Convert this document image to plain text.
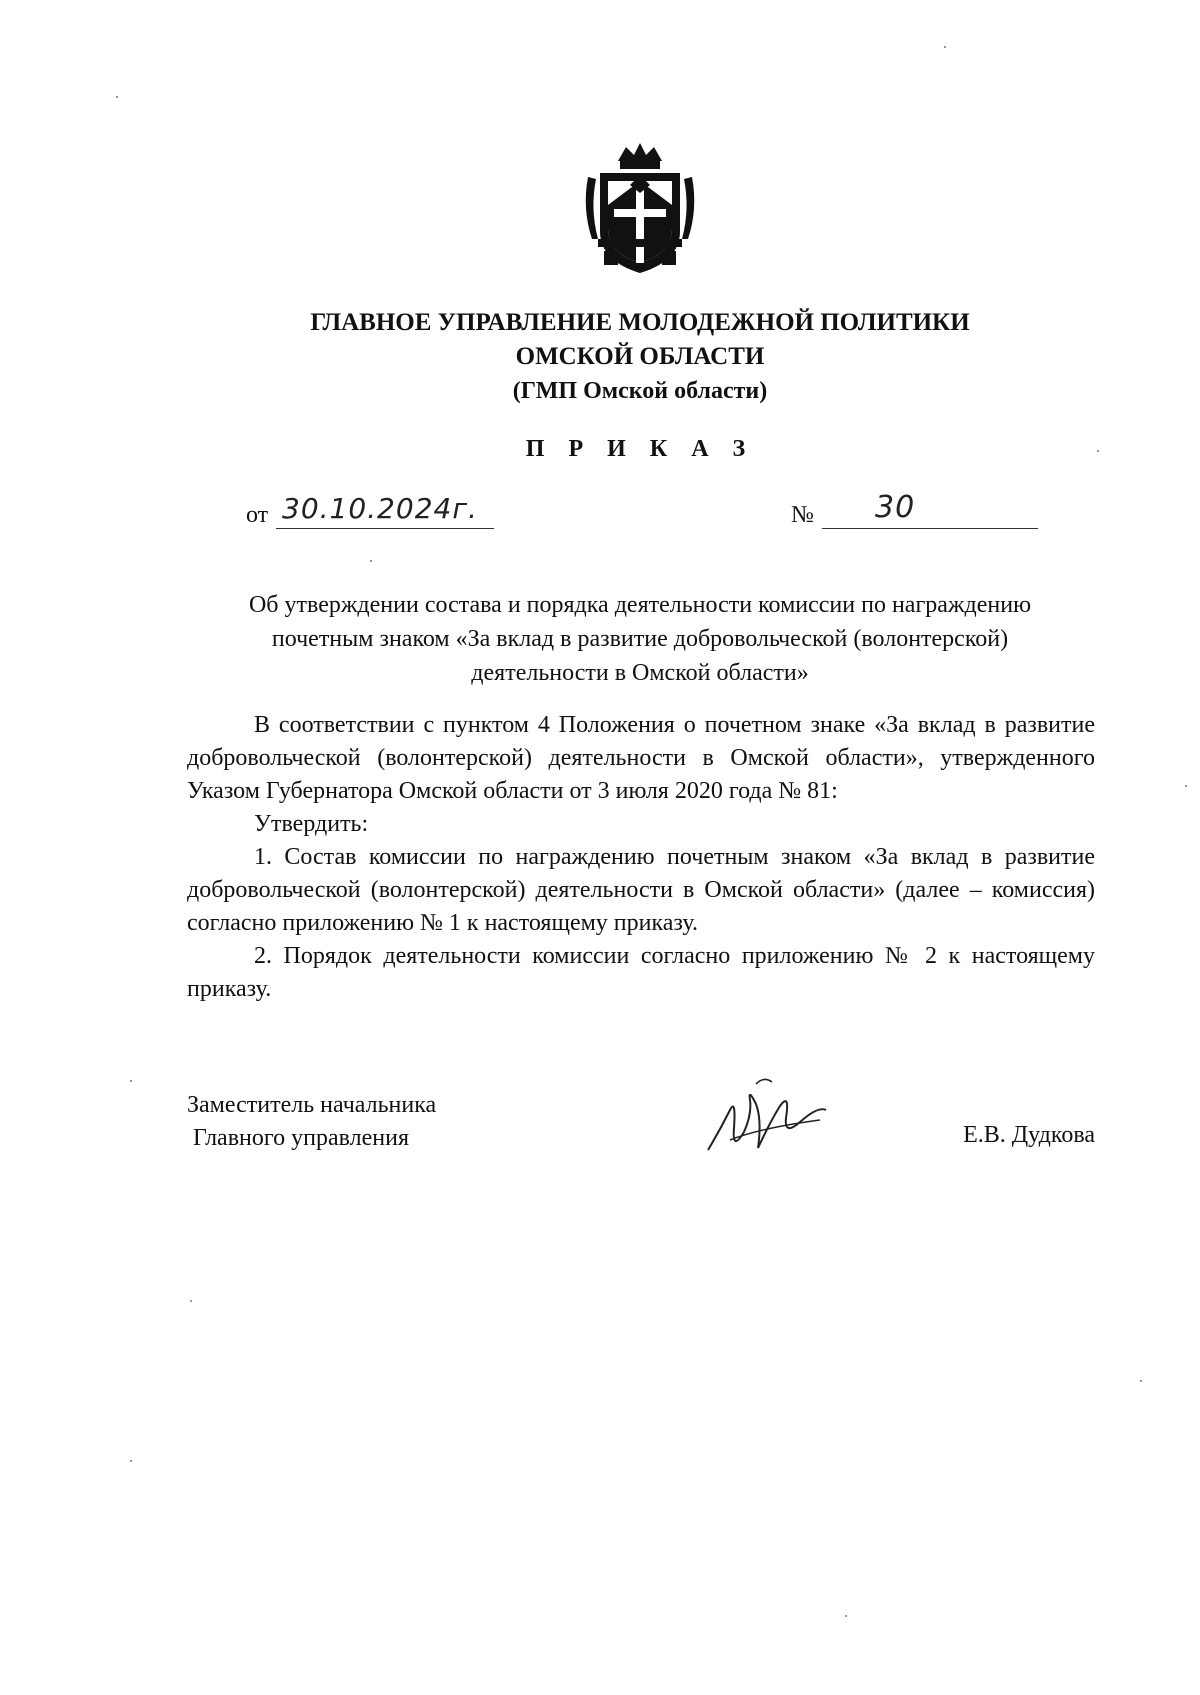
ГЛАВНОЕ УПРАВЛЕНИЕ МОЛОДЕЖНОЙ ПОЛИТИКИ
ОМСКОЙ ОБЛАСТИ
(ГМП Омской области)
П Р И К А З
от 30.10.2024г.	№ 30
Об утверждении состава и порядка деятельности комиссии по награждению
почетным знаком «За вклад в развитие добровольческой (волонтерской)
деятельности в Омской области»

В соответствии с пунктом 4 Положения о почетном знаке «За вклад в развитие добровольческой (волонтерской) деятельности в Омской области», утвержденного Указом Губернатора Омской области от 3 июля 2020 года № 81:

Утвердить:

1. Состав комиссии по награждению почетным знаком «За вклад в развитие добровольческой (волонтерской) деятельности в Омской области» (далее – комиссия) согласно приложению № 1 к настоящему приказу.

2. Порядок деятельности комиссии согласно приложению № 2 к настоящему приказу.

Заместитель начальника
Главного управления	Е.В. Дудкова
